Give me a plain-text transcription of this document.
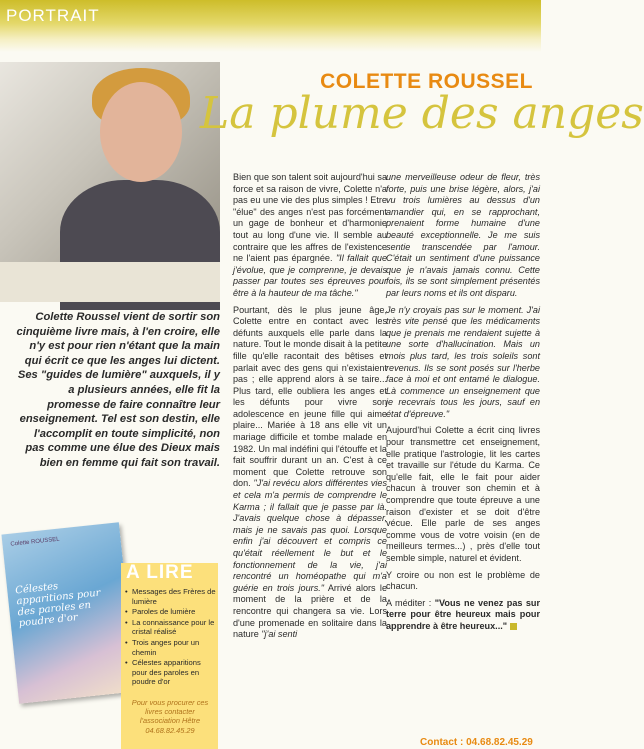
PORTRAIT
COLETTE ROUSSEL
La plume des anges

Colette Roussel vient de sortir son cinquième livre mais, à l'en croire, elle n'y est pour rien n'étant que la main qui écrit ce que les anges lui dictent. Ses "guides de lumière" auxquels, il y a plusieurs années, elle fit la promesse de faire connaître leur enseignement. Tel est son destin, elle l'accomplit en toute simplicité, non pas comme une élue des Dieux mais bien en femme qui fait son travail.

Bien que son talent soit aujourd'hui sa force et sa raison de vivre, Colette n'a pas eu une vie des plus simples ! Etre "élue" des anges n'est pas forcément un gage de bonheur et d'harmonie tout au long d'une vie. Il semble au contraire que les affres de l'existence ne l'aient pas épargnée. "Il fallait que j'évolue, que je comprenne, je devais passer par toutes ses épreuves pour être à la hauteur de ma tâche."

Pourtant, dès le plus jeune âge, Colette entre en contact avec les défunts auxquels elle parle dans la nature. Tout le monde disait à la petite fille qu'elle racontait des bêtises et parlait avec des gens qui n'existaient pas ; elle apprend alors à se taire... Plus tard, elle oubliera les anges et les défunts pour vivre son adolescence en jeune fille qui aime plaire... Mariée à 18 ans elle vit un mariage difficile et tombe malade en 1982. Un mal indéfini qui l'étouffe et la fait souffrir durant un an. C'est à ce moment que Colette retrouve son don. "J'ai revécu alors différentes vies et cela m'a permis de comprendre le Karma ; il fallait que je passe par là. J'avais quelque chose à dépasser, mais je ne savais pas quoi. Lorsque enfin j'ai découvert et compris ce qu'était réellement le but et le fonctionnement de la vie, j'ai rencontré un homéopathe qui m'a guérie en trois jours." Arrivé alors le moment de la prière et de la rencontre qui changera sa vie. Lors d'une promenade en solitaire dans la nature "j'ai senti

une merveilleuse odeur de fleur, très forte, puis une brise légère, alors, j'ai vu trois lumières au dessus d'un amandier qui, en se rapprochant, prenaient forme humaine d'une beauté exceptionnelle. Je me suis sentie transcendée par l'amour. C'était un sentiment d'une puissance que je n'avais jamais connu. Cette fois, ils se sont simplement présentés par leurs noms et ils ont disparu.

Je n'y croyais pas sur le moment. J'ai très vite pensé que les médicaments que je prenais me rendaient sujette à une sorte d'hallucination. Mais un mois plus tard, les trois soleils sont revenus. Ils se sont posés sur l'herbe face à moi et ont entamé le dialogue. Là commence un enseignement que je recevrais tous les jours, sauf en état d'épreuve."

Aujourd'hui Colette a écrit cinq livres pour transmettre cet enseignement, elle pratique l'astrologie, lit les cartes et travaille sur l'étude du Karma. Ce qu'elle fait, elle le fait pour aider chacun à trouver son chemin et à comprendre que toute épreuve a une raison d'exister et se doit d'être vécue. Elle parle de ses anges comme vous de votre voisin (en de meilleurs termes...) , près d'elle tout semble simple, naturel et évident.

Y croire ou non est le problème de chacun.

A méditer : "Vous ne venez pas sur terre pour être heureux mais pour apprendre à être heureux..."

Colette ROUSSEL

Célestes apparitions pour des paroles en poudre d'or

• Messages des Frères de lumière
• Paroles de lumière
• La connaissance pour le cristal réalisé
• Trois anges pour un chemin
• Célestes apparitions pour des paroles en poudre d'or

Pour vous procurer ces livres contacter l'association Hêtre 04.68.82.45.29

A LIRE

Contact : 04.68.82.45.29
